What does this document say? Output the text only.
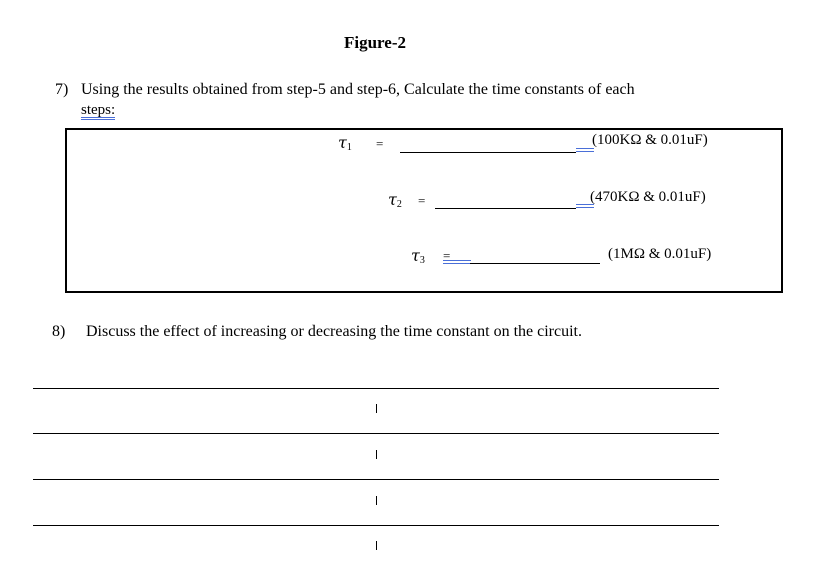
Figure-2
7) Using the results obtained from step-5 and step-6, Calculate the time constants of each
steps:
$\tau_1$ =	(100KΩ & 0.01uF)
$\tau_2$ =	(470KΩ & 0.01uF)
$\tau_3$ =	(1MΩ & 0.01uF)
8) Discuss the effect of increasing or decreasing the time constant on the circuit.
